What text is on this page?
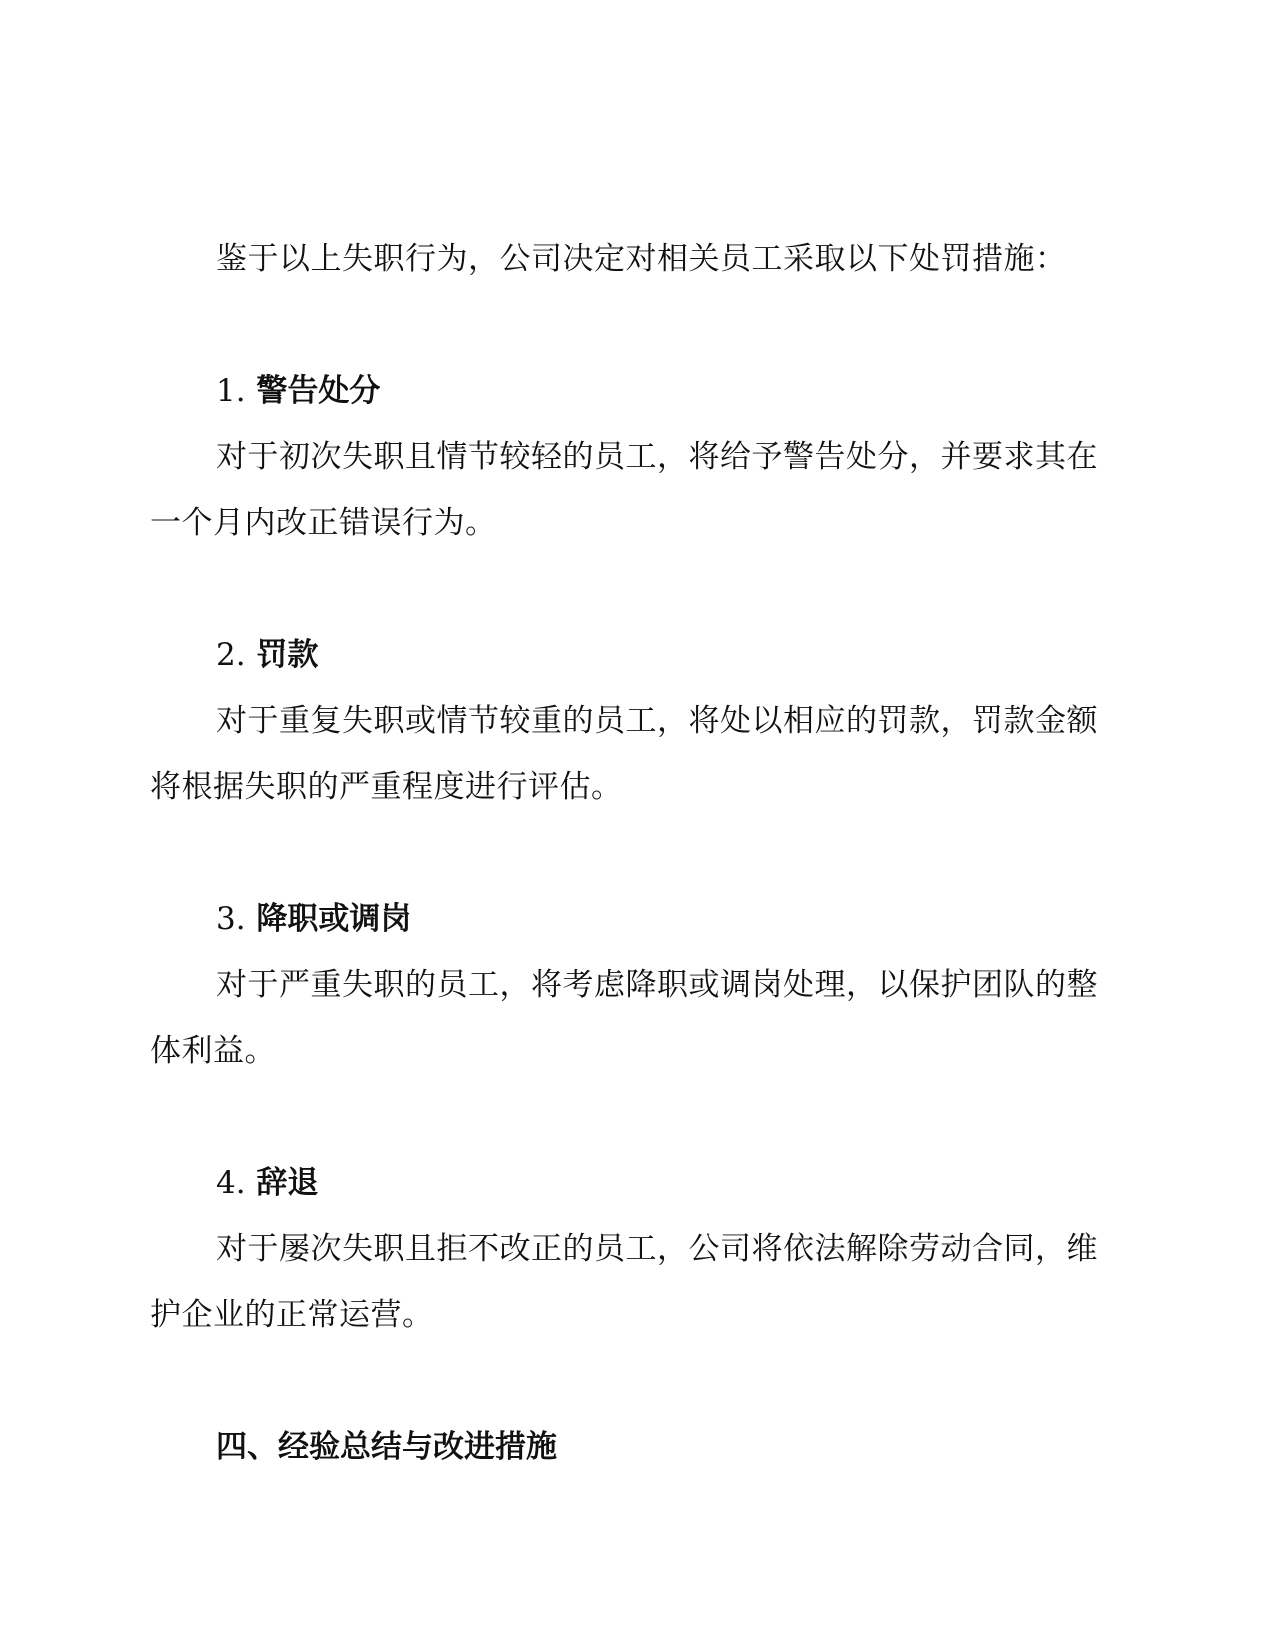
鉴于以上失职行为，公司决定对相关员工采取以下处罚措施：

1. 警告处分

对于初次失职且情节较轻的员工，将给予警告处分，并要求其在一个月内改正错误行为。

2. 罚款

对于重复失职或情节较重的员工，将处以相应的罚款，罚款金额将根据失职的严重程度进行评估。

3. 降职或调岗

对于严重失职的员工，将考虑降职或调岗处理，以保护团队的整体利益。

4. 辞退

对于屡次失职且拒不改正的员工，公司将依法解除劳动合同，维护企业的正常运营。

四、经验总结与改进措施
